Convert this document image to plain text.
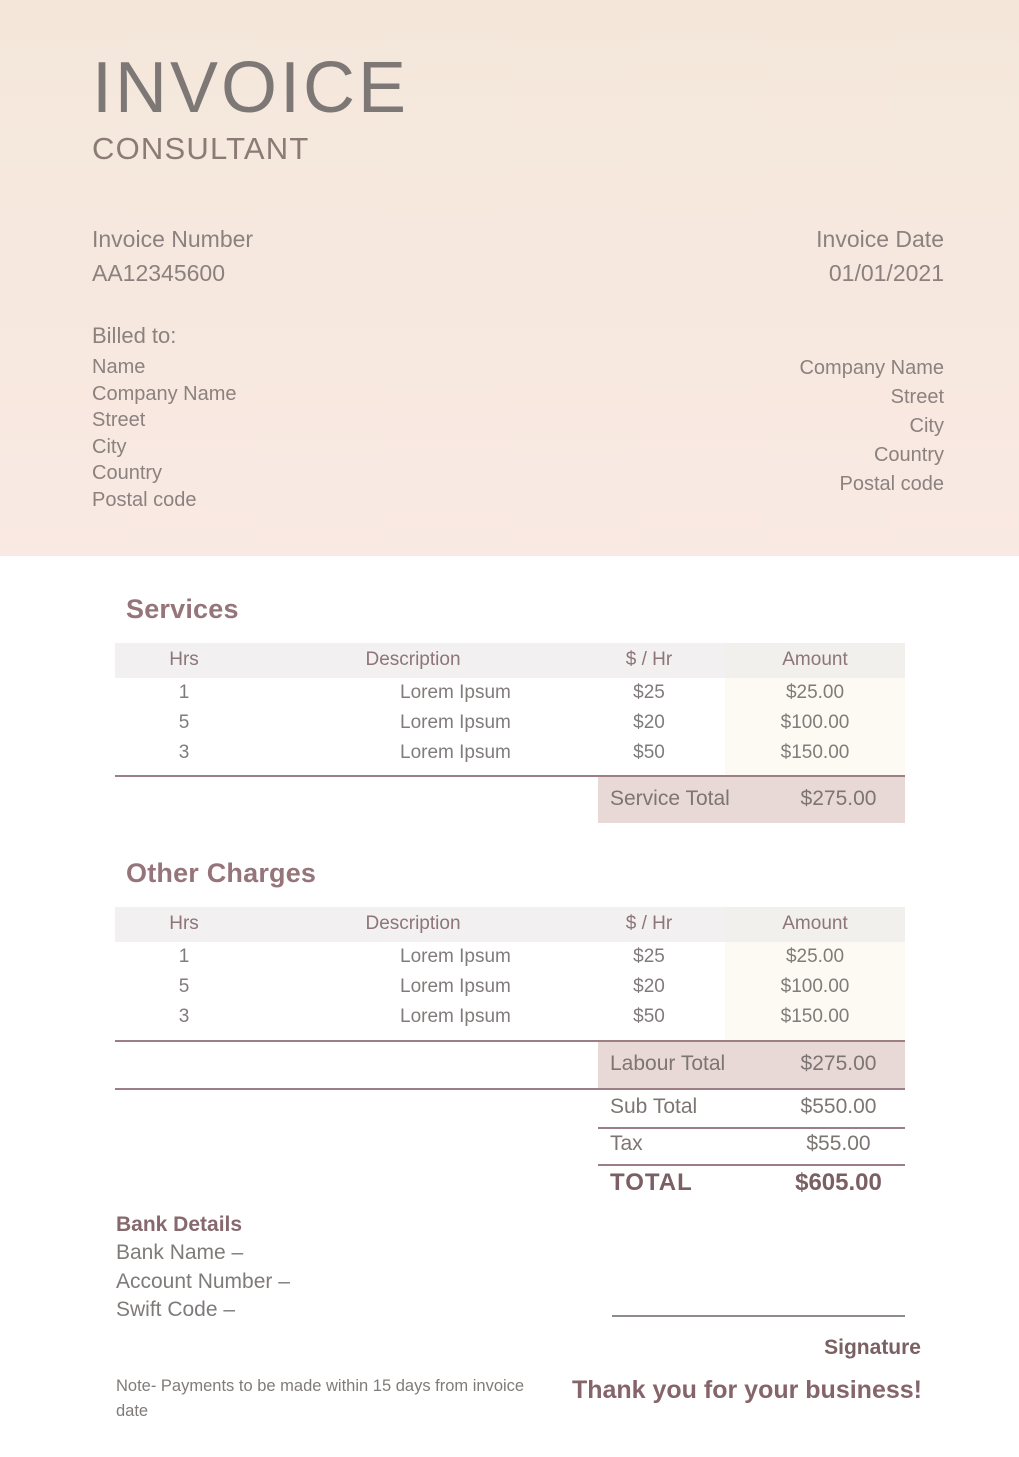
INVOICE
CONSULTANT
Invoice Number
AA12345600
Invoice Date
01/01/2021
Billed to:
Name
Company Name
Street
City
Country
Postal code
Company Name
Street
City
Country
Postal code
Services
Hrs	Description	$ / Hr	Amount
1	Lorem Ipsum	$25	$25.00
5	Lorem Ipsum	$20	$100.00
3	Lorem Ipsum	$50	$150.00

Service Total	$275.00
Other Charges
Hrs	Description	$ / Hr	Amount
1	Lorem Ipsum	$25	$25.00
5	Lorem Ipsum	$20	$100.00
3	Lorem Ipsum	$50	$150.00

Labour Total	$275.00
Sub Total	$550.00
Tax	$55.00
TOTAL	$605.00
Bank Details
Bank Name –
Account Number –
Swift Code –
Signature
Thank you for your business!
Note- Payments to be made within 15 days from invoice date
